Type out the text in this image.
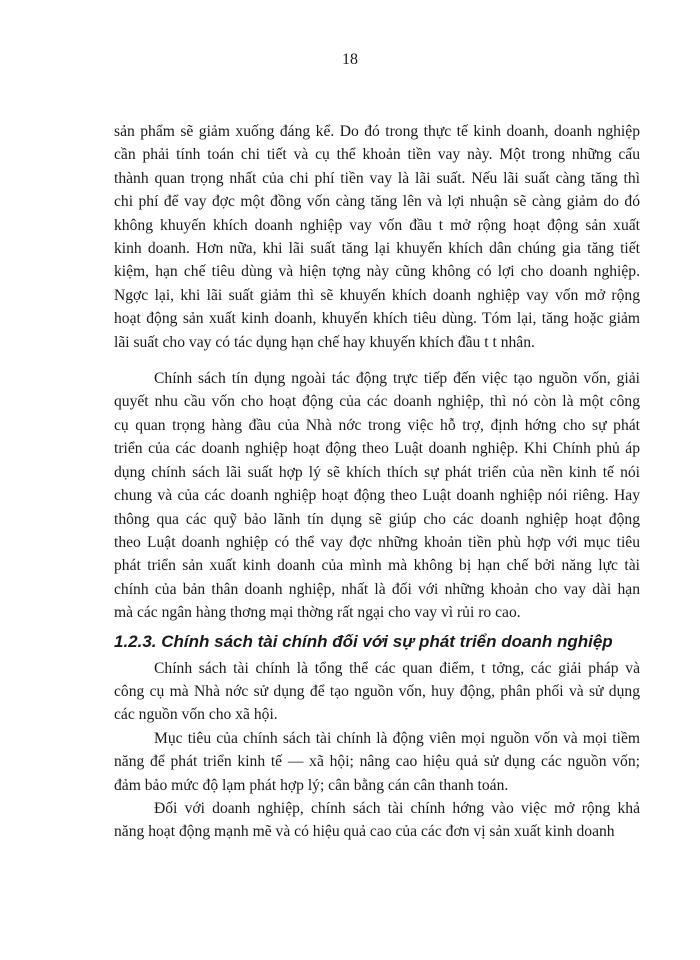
18
sản phẩm sẽ giảm xuống đáng kể. Do đó trong thực tế kinh doanh, doanh nghiệp
cần phải tính toán chi tiết và cụ thể khoản tiền vay này. Một trong những cấu
thành quan trọng nhất của chi phí tiền vay là lãi suất. Nếu lãi suất càng tăng thì
chi phí để vay đợc một đồng vốn càng tăng lên và lợi nhuận sẽ càng giảm do đó
không khuyến khích doanh nghiệp vay vốn đầu t mở rộng hoạt động sản xuất
kinh doanh. Hơn nữa, khi lãi suất tăng lại khuyến khích dân chúng gia tăng tiết
kiệm, hạn chế tiêu dùng và hiện tợng này cũng không có lợi cho doanh nghiệp.
Ngợc lại, khi lãi suất giảm thì sẽ khuyến khích doanh nghiệp vay vốn mở rộng
hoạt động sản xuất kinh doanh, khuyến khích tiêu dùng. Tóm lại, tăng hoặc giảm
lãi suất cho vay có tác dụng hạn chế hay khuyến khích đầu t t nhân.
Chính sách tín dụng ngoài tác động trực tiếp đến việc tạo nguồn vốn, giải
quyết nhu cầu vốn cho hoạt động của các doanh nghiệp, thì nó còn là một công
cụ quan trọng hàng đầu của Nhà nớc trong việc hỗ trợ, định hớng cho sự phát
triển của các doanh nghiệp hoạt động theo Luật doanh nghiệp. Khi Chính phủ áp
dụng chính sách lãi suất hợp lý sẽ khích thích sự phát triển của nền kinh tế nói
chung và của các doanh nghiệp hoạt động theo Luật doanh nghiệp nói riêng. Hay
thông qua các quỹ bảo lãnh tín dụng sẽ giúp cho các doanh nghiệp hoạt động
theo Luật doanh nghiệp có thể vay đợc những khoản tiền phù hợp với mục tiêu
phát triển sản xuất kinh doanh của mình mà không bị hạn chế bởi năng lực tài
chính của bản thân doanh nghiệp, nhất là đối với những khoản cho vay dài hạn
mà các ngân hàng thơng mại thờng rất ngại cho vay vì rủi ro cao.
1.2.3. Chính sách tài chính đối với sự phát triển doanh nghiệp
Chính sách tài chính là tổng thể các quan điểm, t tởng, các giải pháp và
công cụ mà Nhà nớc sử dụng để tạo nguồn vốn, huy động, phân phối và sử dụng
các nguồn vốn cho xã hội.
Mục tiêu của chính sách tài chính là động viên mọi nguồn vốn và mọi tiềm
năng để phát triển kinh tế — xã hội; nâng cao hiệu quả sử dụng các nguồn vốn;
đảm bảo mức độ lạm phát hợp lý; cân bằng cán cân thanh toán.
Đối với doanh nghiệp, chính sách tài chính hớng vào việc mở rộng khả
năng hoạt động mạnh mẽ và có hiệu quả cao của các đơn vị sản xuất kinh doanh
